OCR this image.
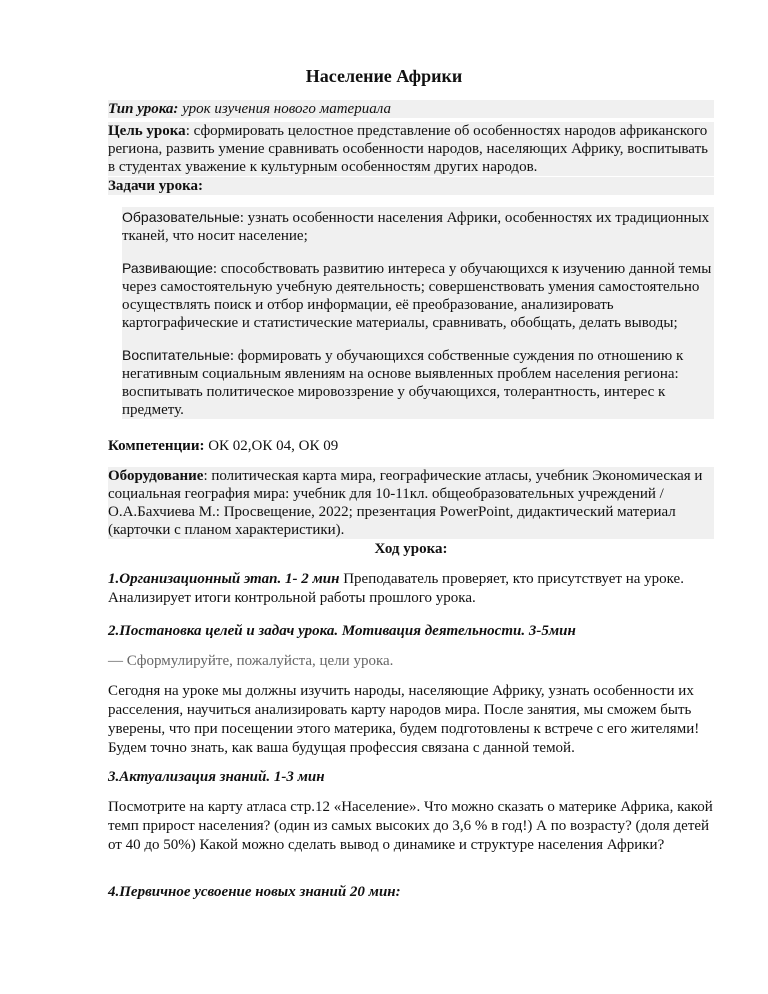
Население Африки
Тип урока: урок изучения нового материала
Цель урока: сформировать целостное представление об особенностях народов африканского региона, развить умение сравнивать особенности народов, населяющих Африку, воспитывать в студентах уважение к культурным особенностям других народов.
Задачи урока:

Образовательные: узнать особенности населения Африки, особенностях их традиционных тканей, что носит население;

Развивающие: способствовать развитию интереса у обучающихся к изучению данной темы через самостоятельную учебную деятельность; совершенствовать умения самостоятельно осуществлять поиск и отбор информации, её преобразование, анализировать картографические и статистические материалы, сравнивать, обобщать, делать выводы;

Воспитательные: формировать у обучающихся собственные суждения по отношению к негативным социальным явлениям на основе выявленных проблем населения региона: воспитывать политическое мировоззрение у обучающихся, толерантность, интерес к предмету.

Компетенции: ОК 02,ОК 04, ОК 09
Оборудование: политическая карта мира, географические атласы, учебник Экономическая и социальная география мира: учебник для 10-11кл. общеобразовательных учреждений / О.А.Бахчиева М.: Просвещение, 2022; презентация PowerPoint, дидактический материал (карточки с планом характеристики).
Ход урока:
1.Организационный этап. 1- 2 мин Преподаватель проверяет, кто присутствует на уроке. Анализирует итоги контрольной работы прошлого урока.
2.Постановка целей и задач урока. Мотивация деятельности. 3-5мин
— Сформулируйте, пожалуйста, цели урока.
Сегодня на уроке мы должны изучить народы, населяющие Африку, узнать особенности их расселения, научиться анализировать карту народов мира. После занятия, мы сможем быть уверены, что при посещении этого материка, будем подготовлены к встрече с его жителями! Будем точно знать, как ваша будущая профессия связана с данной темой.
3.Актуализация знаний. 1-3 мин
Посмотрите на карту атласа стр.12 «Население». Что можно сказать о материке Африка, какой темп прирост населения? (один из самых высоких до 3,6 % в год!) А по возрасту? (доля детей от 40 до 50%) Какой можно сделать вывод о динамике и структуре населения Африки?
4.Первичное усвоение новых знаний 20 мин:
